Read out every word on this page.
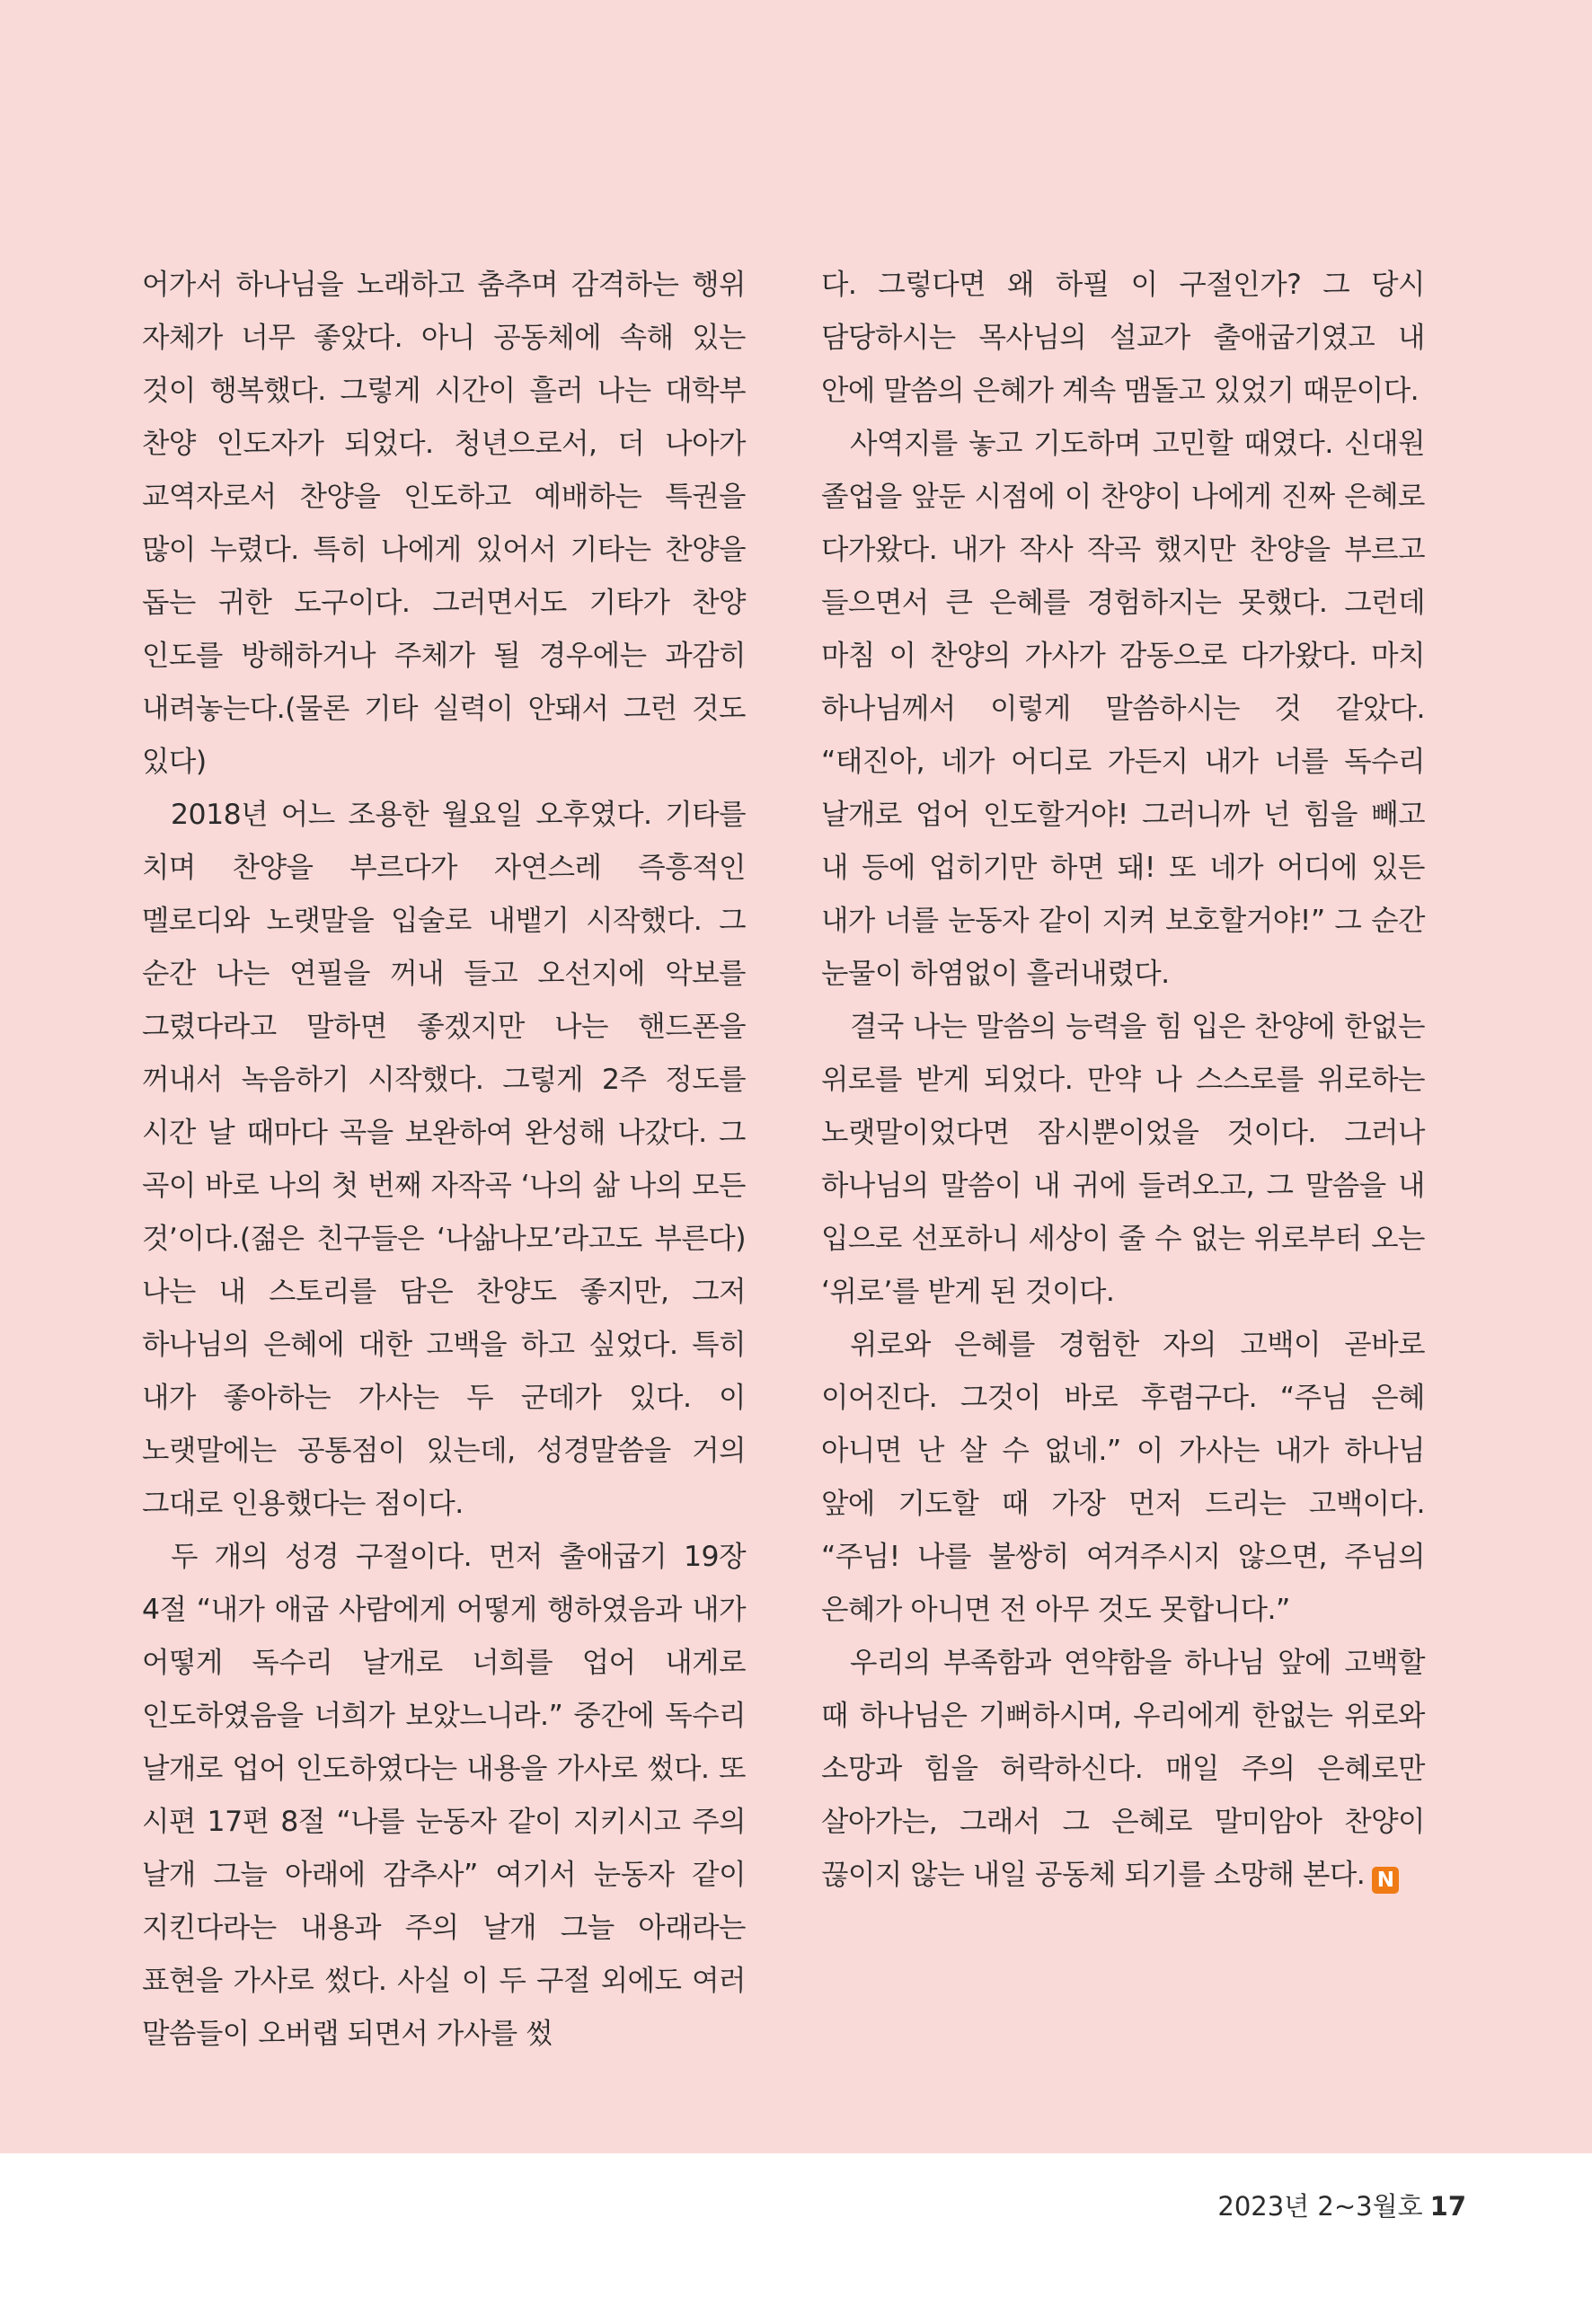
어가서 하나님을 노래하고 춤추며 감격하는 행위 자체가 너무 좋았다. 아니 공동체에 속해 있는 것이 행복했다. 그렇게 시간이 흘러 나는 대학부 찬양 인도자가 되었다. 청년으로서, 더 나아가 교역자로서 찬양을 인도하고 예배하는 특권을 많이 누렸다. 특히 나에게 있어서 기타는 찬양을 돕는 귀한 도구이다. 그러면서도 기타가 찬양 인도를 방해하거나 주체가 될 경우에는 과감히 내려놓는다.(물론 기타 실력이 안돼서 그런 것도 있다)

2018년 어느 조용한 월요일 오후였다. 기타를 치며 찬양을 부르다가 자연스레 즉흥적인 멜로디와 노랫말을 입술로 내뱉기 시작했다. 그 순간 나는 연필을 꺼내 들고 오선지에 악보를 그렸다라고 말하면 좋겠지만 나는 핸드폰을 꺼내서 녹음하기 시작했다. 그렇게 2주 정도를 시간 날 때마다 곡을 보완하여 완성해 나갔다. 그 곡이 바로 나의 첫 번째 자작곡 ‘나의 삶 나의 모든 것’이다.(젊은 친구들은 ‘나삶나모’라고도 부른다) 나는 내 스토리를 담은 찬양도 좋지만, 그저 하나님의 은혜에 대한 고백을 하고 싶었다. 특히 내가 좋아하는 가사는 두 군데가 있다. 이 노랫말에는 공통점이 있는데, 성경말씀을 거의 그대로 인용했다는 점이다.

두 개의 성경 구절이다. 먼저 출애굽기 19장 4절 “내가 애굽 사람에게 어떻게 행하였음과 내가 어떻게 독수리 날개로 너희를 업어 내게로 인도하였음을 너희가 보았느니라.” 중간에 독수리 날개로 업어 인도하였다는 내용을 가사로 썼다. 또 시편 17편 8절 “나를 눈동자 같이 지키시고 주의 날개 그늘 아래에 감추사” 여기서 눈동자 같이 지킨다라는 내용과 주의 날개 그늘 아래라는 표현을 가사로 썼다. 사실 이 두 구절 외에도 여러 말씀들이 오버랩 되면서 가사를 썼

다. 그렇다면 왜 하필 이 구절인가? 그 당시 담당하시는 목사님의 설교가 출애굽기였고 내 안에 말씀의 은혜가 계속 맴돌고 있었기 때문이다.

사역지를 놓고 기도하며 고민할 때였다. 신대원 졸업을 앞둔 시점에 이 찬양이 나에게 진짜 은혜로 다가왔다. 내가 작사 작곡 했지만 찬양을 부르고 들으면서 큰 은혜를 경험하지는 못했다. 그런데 마침 이 찬양의 가사가 감동으로 다가왔다. 마치 하나님께서 이렇게 말씀하시는 것 같았다. “태진아, 네가 어디로 가든지 내가 너를 독수리 날개로 업어 인도할거야! 그러니까 넌 힘을 빼고 내 등에 업히기만 하면 돼! 또 네가 어디에 있든 내가 너를 눈동자 같이 지켜 보호할거야!” 그 순간 눈물이 하염없이 흘러내렸다.

결국 나는 말씀의 능력을 힘 입은 찬양에 한없는 위로를 받게 되었다. 만약 나 스스로를 위로하는 노랫말이었다면 잠시뿐이었을 것이다. 그러나 하나님의 말씀이 내 귀에 들려오고, 그 말씀을 내 입으로 선포하니 세상이 줄 수 없는 위로부터 오는 ‘위로’를 받게 된 것이다.

위로와 은혜를 경험한 자의 고백이 곧바로 이어진다. 그것이 바로 후렴구다. “주님 은혜 아니면 난 살 수 없네.” 이 가사는 내가 하나님 앞에 기도할 때 가장 먼저 드리는 고백이다. “주님! 나를 불쌍히 여겨주시지 않으면, 주님의 은혜가 아니면 전 아무 것도 못합니다.”

우리의 부족함과 연약함을 하나님 앞에 고백할 때 하나님은 기뻐하시며, 우리에게 한없는 위로와 소망과 힘을 허락하신다. 매일 주의 은혜로만 살아가는, 그래서 그 은혜로 말미암아 찬양이 끊이지 않는 내일 공동체 되기를 소망해 본다. N

2023년 2~3월호 17
